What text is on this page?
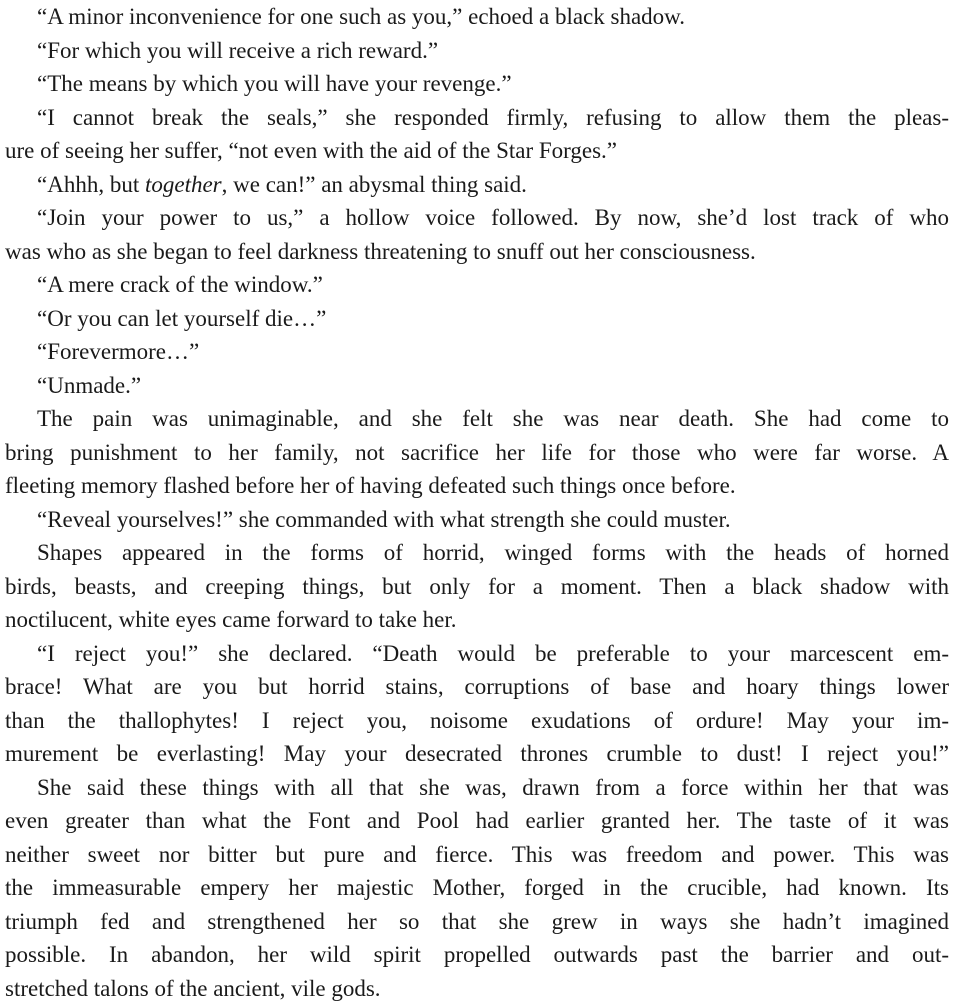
“A minor inconvenience for one such as you,” echoed a black shadow.
“For which you will receive a rich reward.”
“The means by which you will have your revenge.”
“I cannot break the seals,” she responded firmly, refusing to allow them the pleas-
ure of seeing her suffer, “not even with the aid of the Star Forges.”
“Ahhh, but together, we can!” an abysmal thing said.
“Join your power to us,” a hollow voice followed. By now, she’d lost track of who
was who as she began to feel darkness threatening to snuff out her consciousness.
“A mere crack of the window.”
“Or you can let yourself die…”
“Forevermore…”
“Unmade.”
The pain was unimaginable, and she felt she was near death. She had come to
bring punishment to her family, not sacrifice her life for those who were far worse. A
fleeting memory flashed before her of having defeated such things once before.
“Reveal yourselves!” she commanded with what strength she could muster.
Shapes appeared in the forms of horrid, winged forms with the heads of horned
birds, beasts, and creeping things, but only for a moment. Then a black shadow with
noctilucent, white eyes came forward to take her.
“I reject you!” she declared. “Death would be preferable to your marcescent em-
brace! What are you but horrid stains, corruptions of base and hoary things lower
than the thallophytes! I reject you, noisome exudations of ordure! May your im-
murement be everlasting! May your desecrated thrones crumble to dust! I reject you!”
She said these things with all that she was, drawn from a force within her that was
even greater than what the Font and Pool had earlier granted her. The taste of it was
neither sweet nor bitter but pure and fierce. This was freedom and power. This was
the immeasurable empery her majestic Mother, forged in the crucible, had known. Its
triumph fed and strengthened her so that she grew in ways she hadn’t imagined
possible. In abandon, her wild spirit propelled outwards past the barrier and out-
stretched talons of the ancient, vile gods.
